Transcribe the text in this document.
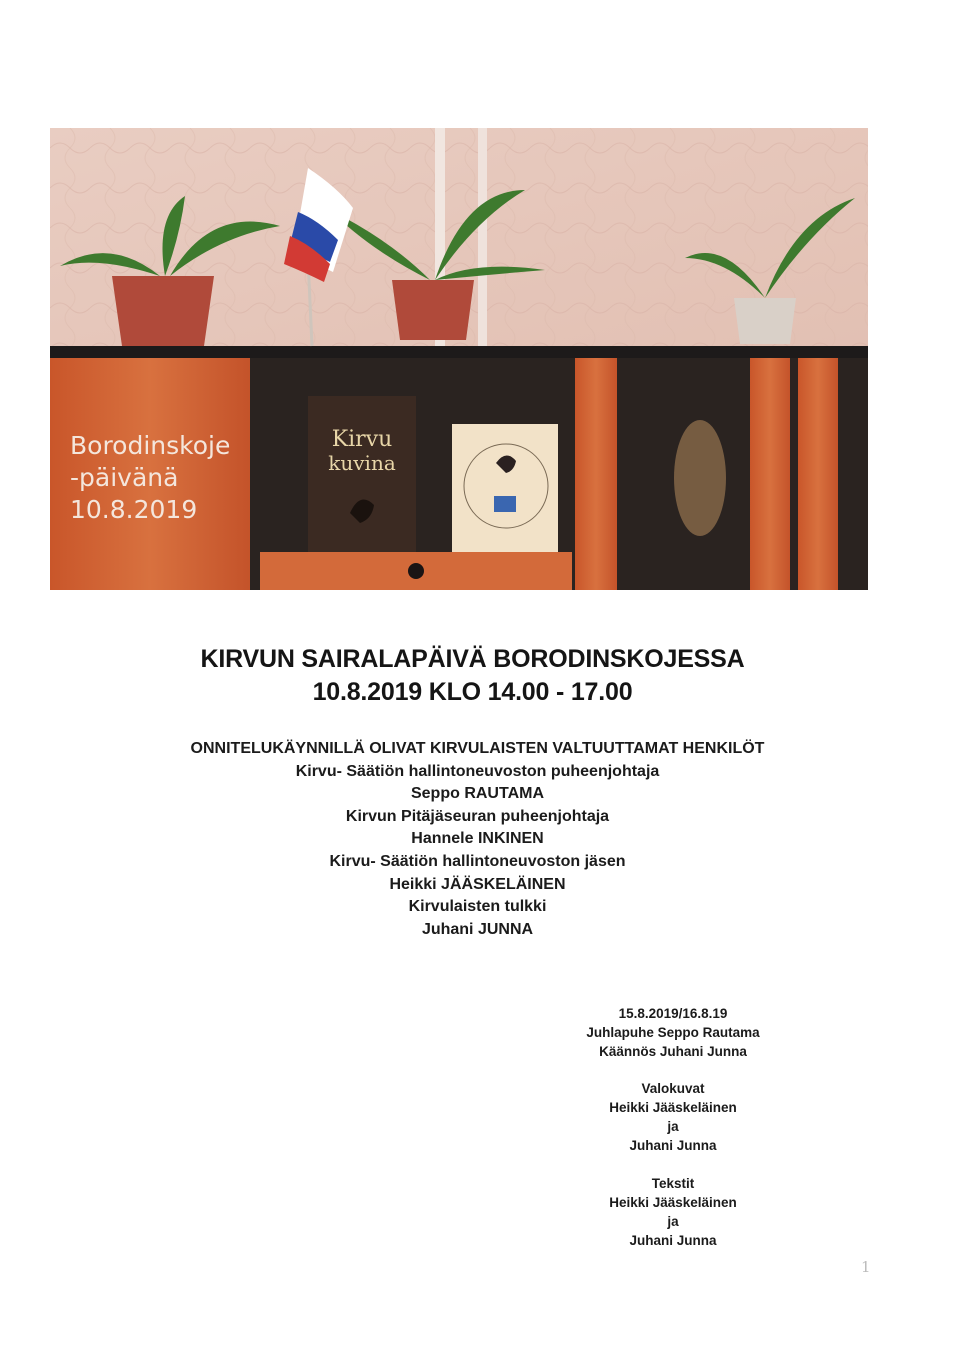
Kirvu
kuvina
Borodinskoje
-päivänä
10.8.2019
KIRVUN SAIRALAPÄIVÄ BORODINSKOJESSA
10.8.2019 KLO 14.00 - 17.00
ONNITELUKÄYNNILLÄ OLIVAT KIRVULAISTEN VALTUUTTAMAT HENKILÖT
Kirvu- Säätiön hallintoneuvoston puheenjohtaja
Seppo RAUTAMA
Kirvun Pitäjäseuran puheenjohtaja
Hannele INKINEN
Kirvu- Säätiön hallintoneuvoston jäsen
Heikki JÄÄSKELÄINEN
Kirvulaisten tulkki
Juhani JUNNA
15.8.2019/16.8.19
Juhlapuhe Seppo Rautama
Käännös Juhani Junna
Valokuvat
Heikki Jääskeläinen
ja
Juhani Junna
Tekstit
Heikki Jääskeläinen
ja
Juhani Junna
1
